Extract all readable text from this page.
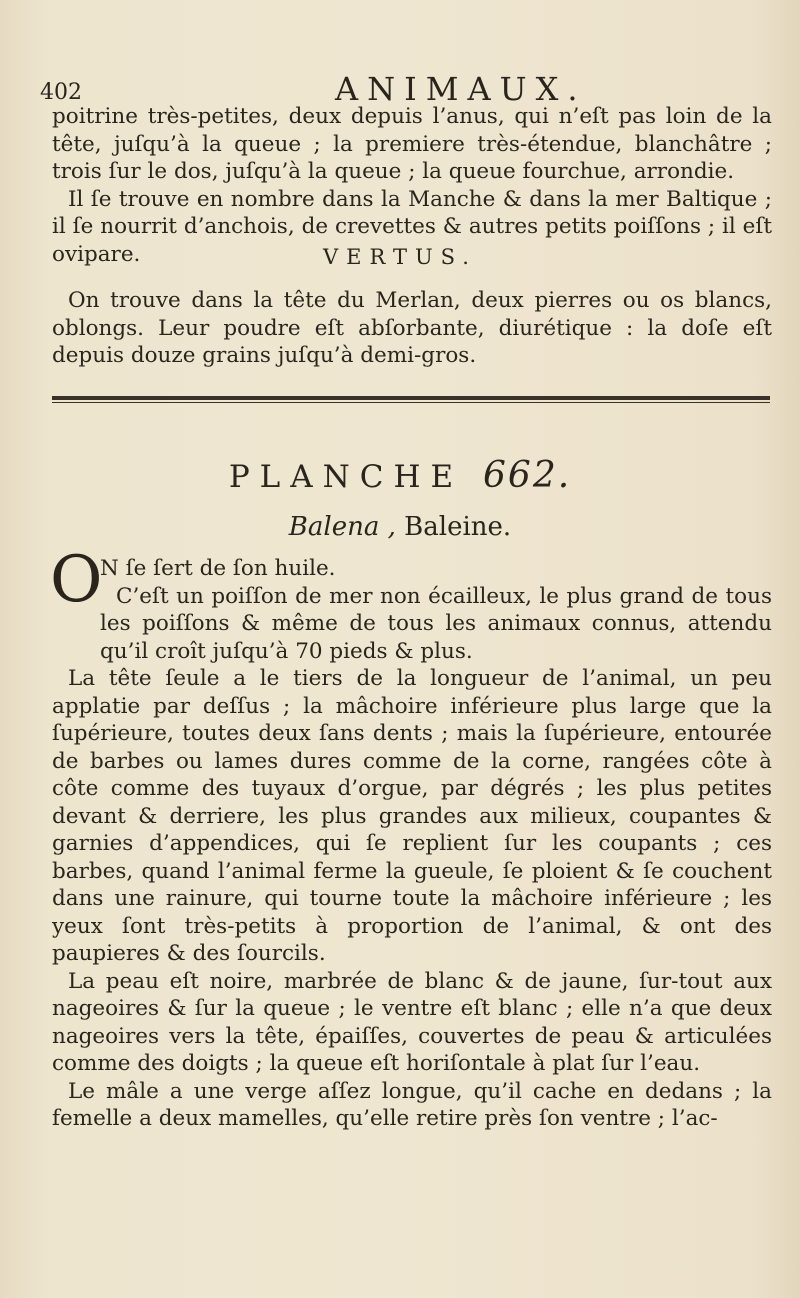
402	ANIMAUX.

poitrine très-petites, deux depuis l’anus, qui n’eſt pas loin de la tête, juſqu’à la queue ; la premiere très-étendue, blanchâtre ; trois ſur le dos, juſqu’à la queue ; la queue fourchue, arrondie.

Il ſe trouve en nombre dans la Manche & dans la mer Baltique ; il ſe nourrit d’anchois, de crevettes & autres petits poiſſons ; il eſt ovipare.	VERTUS.

On trouve dans la tête du Merlan, deux pierres ou os blancs, oblongs. Leur poudre eſt abſorbante, diurétique : la doſe eſt depuis douze grains juſqu’à demi-gros.

PLANCHE 662.
Balena , Baleine.
O

N ſe ſert de ſon huile.
C’eſt un poiſſon de mer non écailleux, le plus grand de tous les poiſſons & même de tous les animaux connus, attendu qu’il croît juſqu’à 70 pieds & plus.

La tête ſeule a le tiers de la longueur de l’animal, un peu applatie par deſſus ; la mâchoire inférieure plus large que la ſupérieure, toutes deux ſans dents ; mais la ſupérieure, entourée de barbes ou lames dures comme de la corne, rangées côte à côte comme des tuyaux d’orgue, par dégrés ; les plus petites devant & derriere, les plus grandes aux milieux, coupantes & garnies d’appendices, qui ſe replient ſur les coupants ; ces barbes, quand l’animal ferme la gueule, ſe ploient & ſe couchent dans une rainure, qui tourne toute la mâchoire inférieure ; les yeux ſont très-petits à proportion de l’animal, & ont des paupieres & des ſourcils.

La peau eſt noire, marbrée de blanc & de jaune, ſur-tout aux nageoires & ſur la queue ; le ventre eſt blanc ; elle n’a que deux nageoires vers la tête, épaiſſes, couvertes de peau & articulées comme des doigts ; la queue eſt horiſontale à plat ſur l’eau.

Le mâle a une verge aſſez longue, qu’il cache en dedans ; la femelle a deux mamelles, qu’elle retire près ſon ventre ; l’ac-
